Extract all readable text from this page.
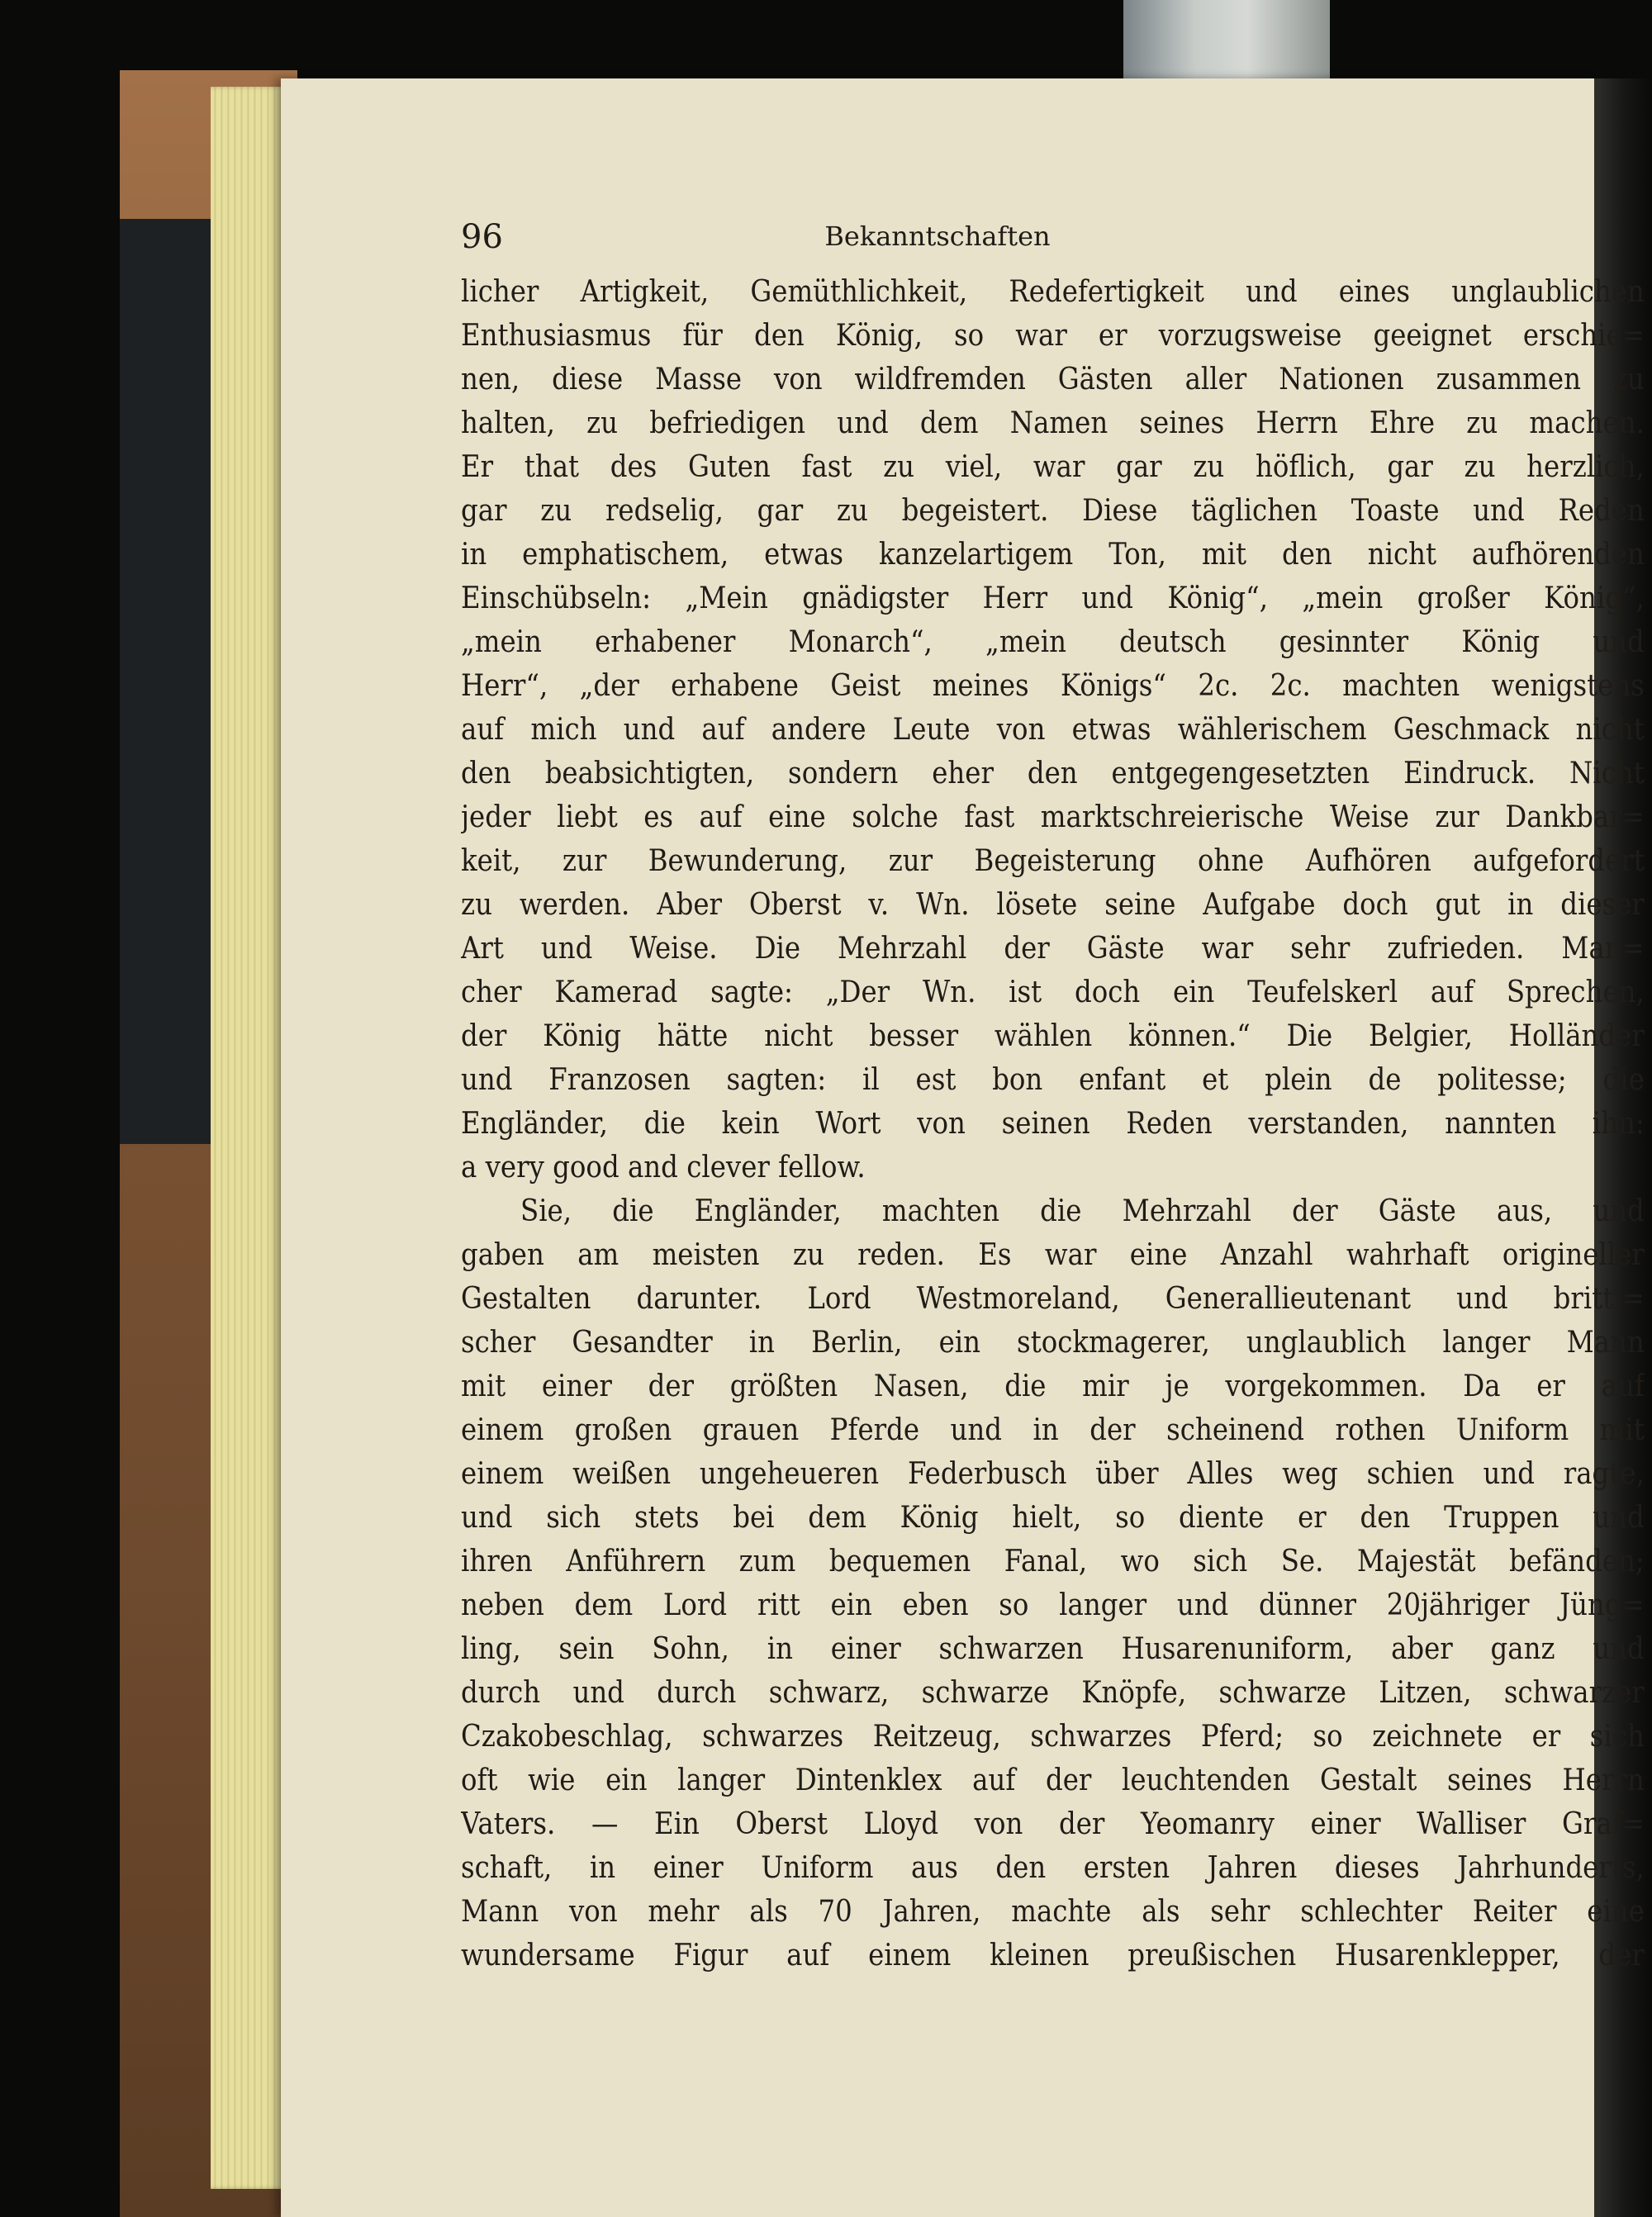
96	Bekanntschaften
licher Artigkeit, Gemüthlichkeit, Redefertigkeit und eines unglaublichen
Enthusiasmus für den König, so war er vorzugsweise geeignet erschie=
nen, diese Masse von wildfremden Gästen aller Nationen zusammen zu
halten, zu befriedigen und dem Namen seines Herrn Ehre zu machen.
Er that des Guten fast zu viel, war gar zu höflich, gar zu herzlich,
gar zu redselig, gar zu begeistert. Diese täglichen Toaste und Reden
in emphatischem, etwas kanzelartigem Ton, mit den nicht aufhörenden
Einschübseln: „Mein gnädigster Herr und König“, „mein großer König“,
„mein erhabener Monarch“, „mein deutsch gesinnter König und
Herr“, „der erhabene Geist meines Königs“ 2c. 2c. machten wenigstens
auf mich und auf andere Leute von etwas wählerischem Geschmack nicht
den beabsichtigten, sondern eher den entgegengesetzten Eindruck. Nicht
jeder liebt es auf eine solche fast marktschreierische Weise zur Dankbar=
keit, zur Bewunderung, zur Begeisterung ohne Aufhören aufgefordert
zu werden. Aber Oberst v. Wn. lösete seine Aufgabe doch gut in dieser
Art und Weise. Die Mehrzahl der Gäste war sehr zufrieden. Man=
cher Kamerad sagte: „Der Wn. ist doch ein Teufelskerl auf Sprechen,
der König hätte nicht besser wählen können.“ Die Belgier, Holländer
und Franzosen sagten: il est bon enfant et plein de politesse; die
Engländer, die kein Wort von seinen Reden verstanden, nannten ihn:
a very good and clever fellow.
Sie, die Engländer, machten die Mehrzahl der Gäste aus, und
gaben am meisten zu reden. Es war eine Anzahl wahrhaft origineller
Gestalten darunter. Lord Westmoreland, Generallieutenant und britti=
scher Gesandter in Berlin, ein stockmagerer, unglaublich langer Mann
mit einer der größten Nasen, die mir je vorgekommen. Da er auf
einem großen grauen Pferde und in der scheinend rothen Uniform mit
einem weißen ungeheueren Federbusch über Alles weg schien und ragte,
und sich stets bei dem König hielt, so diente er den Truppen und
ihren Anführern zum bequemen Fanal, wo sich Se. Majestät befänden;
neben dem Lord ritt ein eben so langer und dünner 20jähriger Jüng=
ling, sein Sohn, in einer schwarzen Husarenuniform, aber ganz und
durch und durch schwarz, schwarze Knöpfe, schwarze Litzen, schwarzer
Czakobeschlag, schwarzes Reitzeug, schwarzes Pferd; so zeichnete er sich
oft wie ein langer Dintenklex auf der leuchtenden Gestalt seines Herrn
Vaters. — Ein Oberst Lloyd von der Yeomanry einer Walliser Graf=
schaft, in einer Uniform aus den ersten Jahren dieses Jahrhunderts,
Mann von mehr als 70 Jahren, machte als sehr schlechter Reiter eine
wundersame Figur auf einem kleinen preußischen Husarenklepper, der
